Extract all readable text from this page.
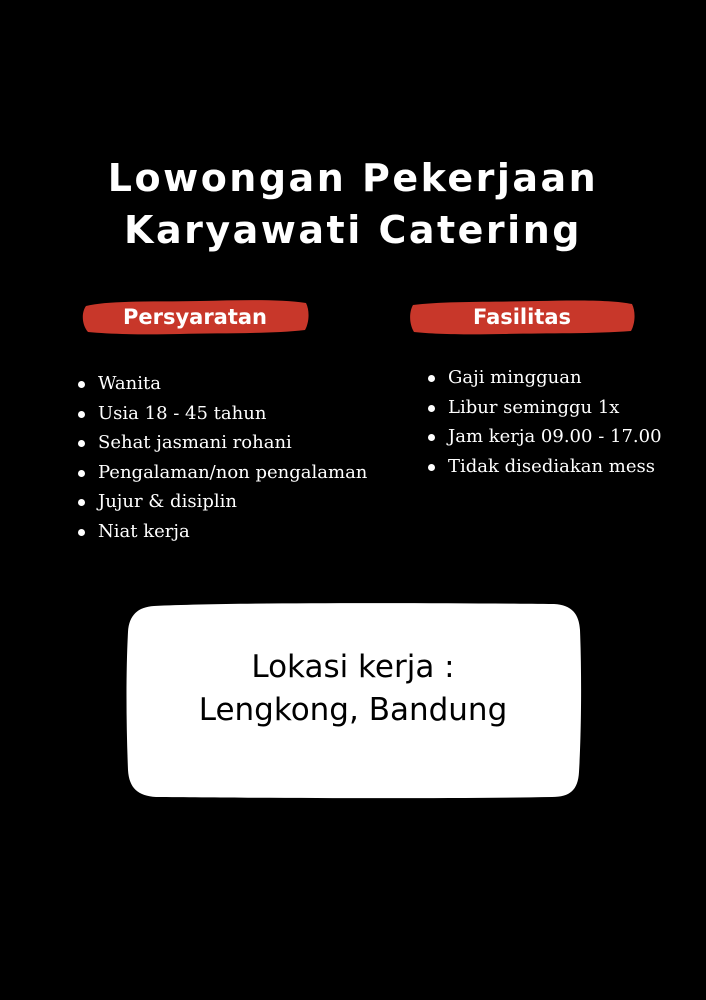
Lowongan Pekerjaan
Karyawati Catering
Persyaratan	Fasilitas
Wanita
Usia 18 - 45 tahun
Sehat jasmani rohani
Pengalaman/non pengalaman
Jujur & disiplin
Niat kerja
Gaji mingguan
Libur seminggu 1x
Jam kerja 09.00 - 17.00
Tidak disediakan mess
Lokasi kerja :
Lengkong, Bandung
